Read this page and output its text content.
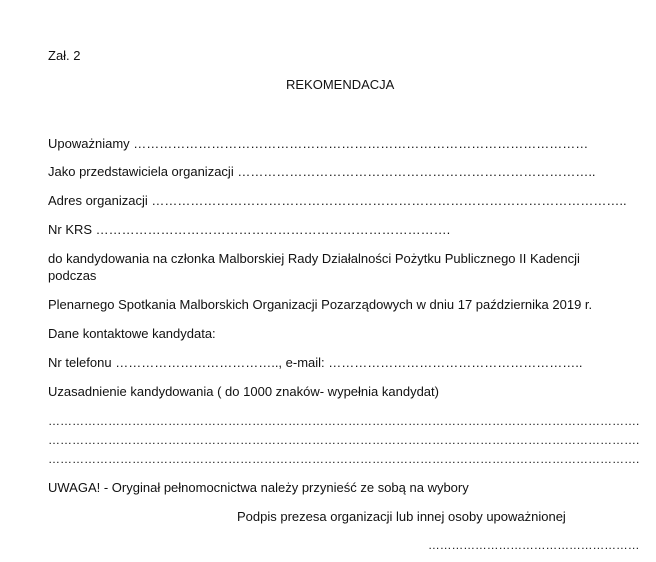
Zał. 2
REKOMENDACJA
Upoważniamy ……………………………………………………………………………………………
Jako przedstawiciela organizacji ………………………………………………………………………..
Adres organizacji ………………………………………………………………………………………………..
Nr KRS ……………………………………………………………………….
do kandydowania na członka Malborskiej Rady Działalności Pożytku Publicznego II Kadencji
podczas
Plenarnego Spotkania Malborskich Organizacji Pozarządowych w dniu 17 października 2019 r.
Dane kontaktowe kandydata:
Nr telefonu ……………………………….., e-mail: …………………………………………………..
Uzasadnienie kandydowania ( do 1000 znaków- wypełnia kandydat)
………………………………………………………………………………………………………………………………….
………………………………………………………………………………………………………………………………….
………………………………………………………………………………………………………………………………….
UWAGA! - Oryginał pełnomocnictwa należy przynieść ze sobą na wybory
Podpis prezesa organizacji lub innej osoby upoważnionej
………………………………………………
